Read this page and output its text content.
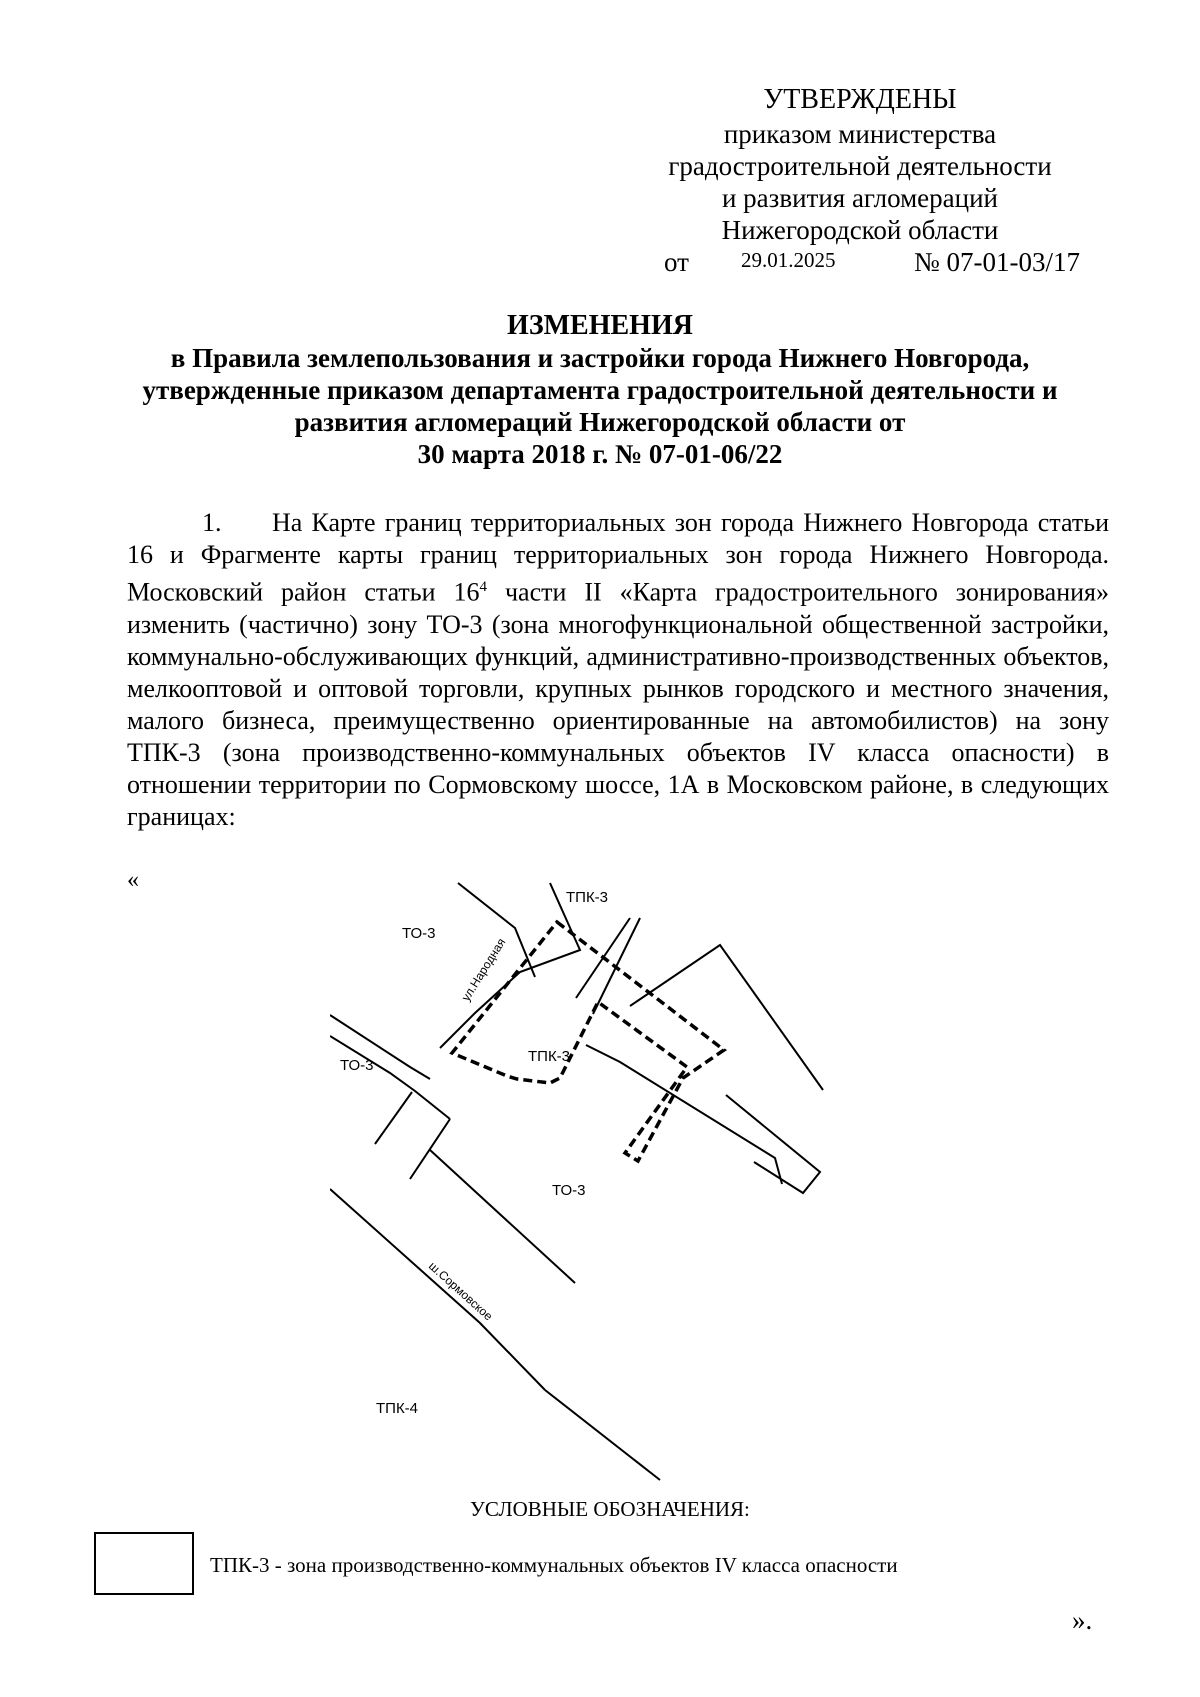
УТВЕРЖДЕНЫ
приказом министерства
градостроительной деятельности
и развития агломераций
Нижегородской области
от 29.01.2025	№ 07-01-03/17
ИЗМЕНЕНИЯ
в Правила землепользования и застройки города Нижнего Новгорода,
утвержденные приказом департамента градостроительной деятельности и
развития агломераций Нижегородской области от
30 марта 2018 г. № 07-01-06/22
1. На Карте границ территориальных зон города Нижнего Новгорода статьи 16 и Фрагменте карты границ территориальных зон города Нижнего Новгорода. Московский район статьи $16^4$ части II «Карта градостроительного зонирования» изменить (частично) зону ТО-3 (зона многофункциональной общественной застройки, коммунально-обслуживающих функций, административно-производственных объектов, мелкооптовой и оптовой торговли, крупных рынков городского и местного значения, малого бизнеса, преимущественно ориентированные на автомобилистов) на зону ТПК-3 (зона производственно-коммунальных объектов IV класса опасности) в отношении территории по Сормовскому шоссе, 1А в Московском районе, в следующих границах:
«
ТПК-3
ТО-3
ТО-3
ул.Народная
ТПК-3
ТО-3
ш.Сормовское
ТПК-4
УСЛОВНЫЕ ОБОЗНАЧЕНИЯ:
ТПК-3 - зона производственно-коммунальных объектов IV класса опасности
».
